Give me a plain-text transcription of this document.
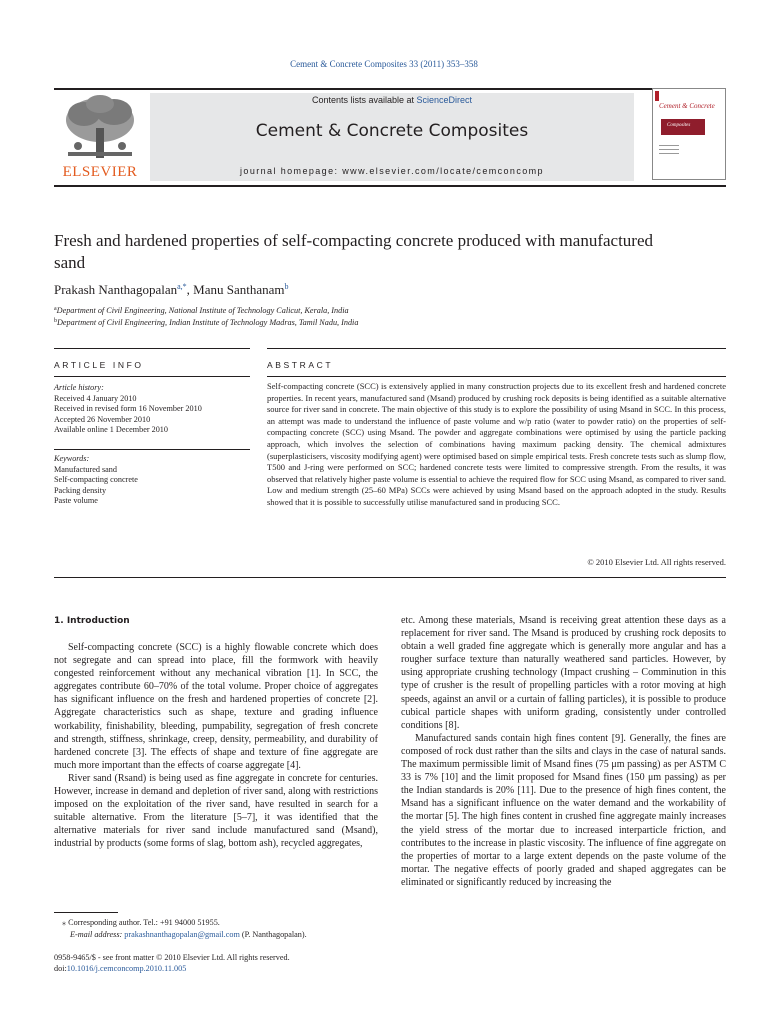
Cement & Concrete Composites 33 (2011) 353–358
ELSEVIER
Contents lists available at ScienceDirect
Cement & Concrete Composites
journal homepage: www.elsevier.com/locate/cemconcomp
Cement & Concrete
Composites
Fresh and hardened properties of self-compacting concrete produced with manufactured sand
Prakash Nanthagopalan$^{a,*}$, Manu Santhanam$^b$
$^a$Department of Civil Engineering, National Institute of Technology Calicut, Kerala, India
$^b$Department of Civil Engineering, Indian Institute of Technology Madras, Tamil Nadu, India
ARTICLE INFO	ABSTRACT
Article history:
Received 4 January 2010
Received in revised form 16 November 2010
Accepted 26 November 2010
Available online 1 December 2010
Keywords:
Manufactured sand
Self-compacting concrete
Packing density
Paste volume
Self-compacting concrete (SCC) is extensively applied in many construction projects due to its excellent fresh and hardened concrete properties. In recent years, manufactured sand (Msand) produced by crushing rock deposits is being identified as a suitable alternative source for river sand in concrete. The main objective of this study is to explore the possibility of using Msand in SCC. In this process, an attempt was made to understand the influence of paste volume and w/p ratio (water to powder ratio) on the properties of self-compacting concrete (SCC) using Msand. The powder and aggregate combinations were optimised by using the particle packing approach, which involves the selection of combinations having maximum packing density. The chemical admixtures (superplasticisers, viscosity modifying agent) were optimised based on simple empirical tests. Fresh concrete tests such as slump flow, T500 and J-ring were performed on SCC; hardened concrete tests were limited to compressive strength. From the results, it was observed that relatively higher paste volume is essential to achieve the required flow for SCC using Msand, as compared to river sand. Low and medium strength (25–60 MPa) SCCs were achieved by using Msand based on the approach adopted in the study. Results showed that it is possible to successfully utilise manufactured sand in producing SCC.
© 2010 Elsevier Ltd. All rights reserved.
1. Introduction

Self-compacting concrete (SCC) is a highly flowable concrete which does not segregate and can spread into place, fill the formwork with heavily congested reinforcement without any mechanical vibration [1]. In SCC, the aggregates contribute 60–70% of the total volume. Proper choice of aggregates has significant influence on the fresh and hardened properties of concrete [2]. Aggregate characteristics such as shape, texture and grading influence workability, finishability, bleeding, pumpability, segregation of fresh concrete and strength, stiffness, shrinkage, creep, density, permeability, and durability of hardened concrete [3]. The effects of shape and texture of fine aggregate are much more important than the effects of coarse aggregate [4].

River sand (Rsand) is being used as fine aggregate in concrete for centuries. However, increase in demand and depletion of river sand, along with restrictions imposed on the exploitation of the river sand, have resulted in search for a suitable alternative. From the literature [5–7], it was identified that the alternative materials for river sand include manufactured sand (Msand), industrial by products (some forms of slag, bottom ash), recycled aggregates,

etc. Among these materials, Msand is receiving great attention these days as a replacement for river sand. The Msand is produced by crushing rock deposits to obtain a well graded fine aggregate which is generally more angular and has a rougher surface texture than naturally weathered sand particles. However, by using appropriate crushing technology (Impact crushing – Comminution in this type of crusher is the result of propelling particles with a rotor moving at high speeds, against an anvil or a curtain of falling particles), it is possible to produce cubical particle shapes with uniform grading, consistently under controlled conditions [8].

Manufactured sands contain high fines content [9]. Generally, the fines are composed of rock dust rather than the silts and clays in the case of natural sands. The maximum permissible limit of Msand fines (75 μm passing) as per ASTM C 33 is 7% [10] and the limit proposed for Msand fines (150 μm passing) as per the Indian standards is 20% [11]. Due to the presence of high fines content, the Msand has a significant influence on the water demand and the workability of the mortar [5]. The high fines content in crushed fine aggregate mainly increases the yield stress of the mortar due to increased interparticle friction, and contributes to the increase in plastic viscosity. The influence of fine aggregate on the properties of mortar to a large extent depends on the paste volume of the mortar. The negative effects of poorly graded and shaped aggregates can be eliminated or significantly reduced by increasing the

⁎ Corresponding author. Tel.: +91 94000 51955.
E-mail address: prakashnanthagopalan@gmail.com (P. Nanthagopalan).
0958-9465/$ - see front matter © 2010 Elsevier Ltd. All rights reserved.
doi:10.1016/j.cemconcomp.2010.11.005
